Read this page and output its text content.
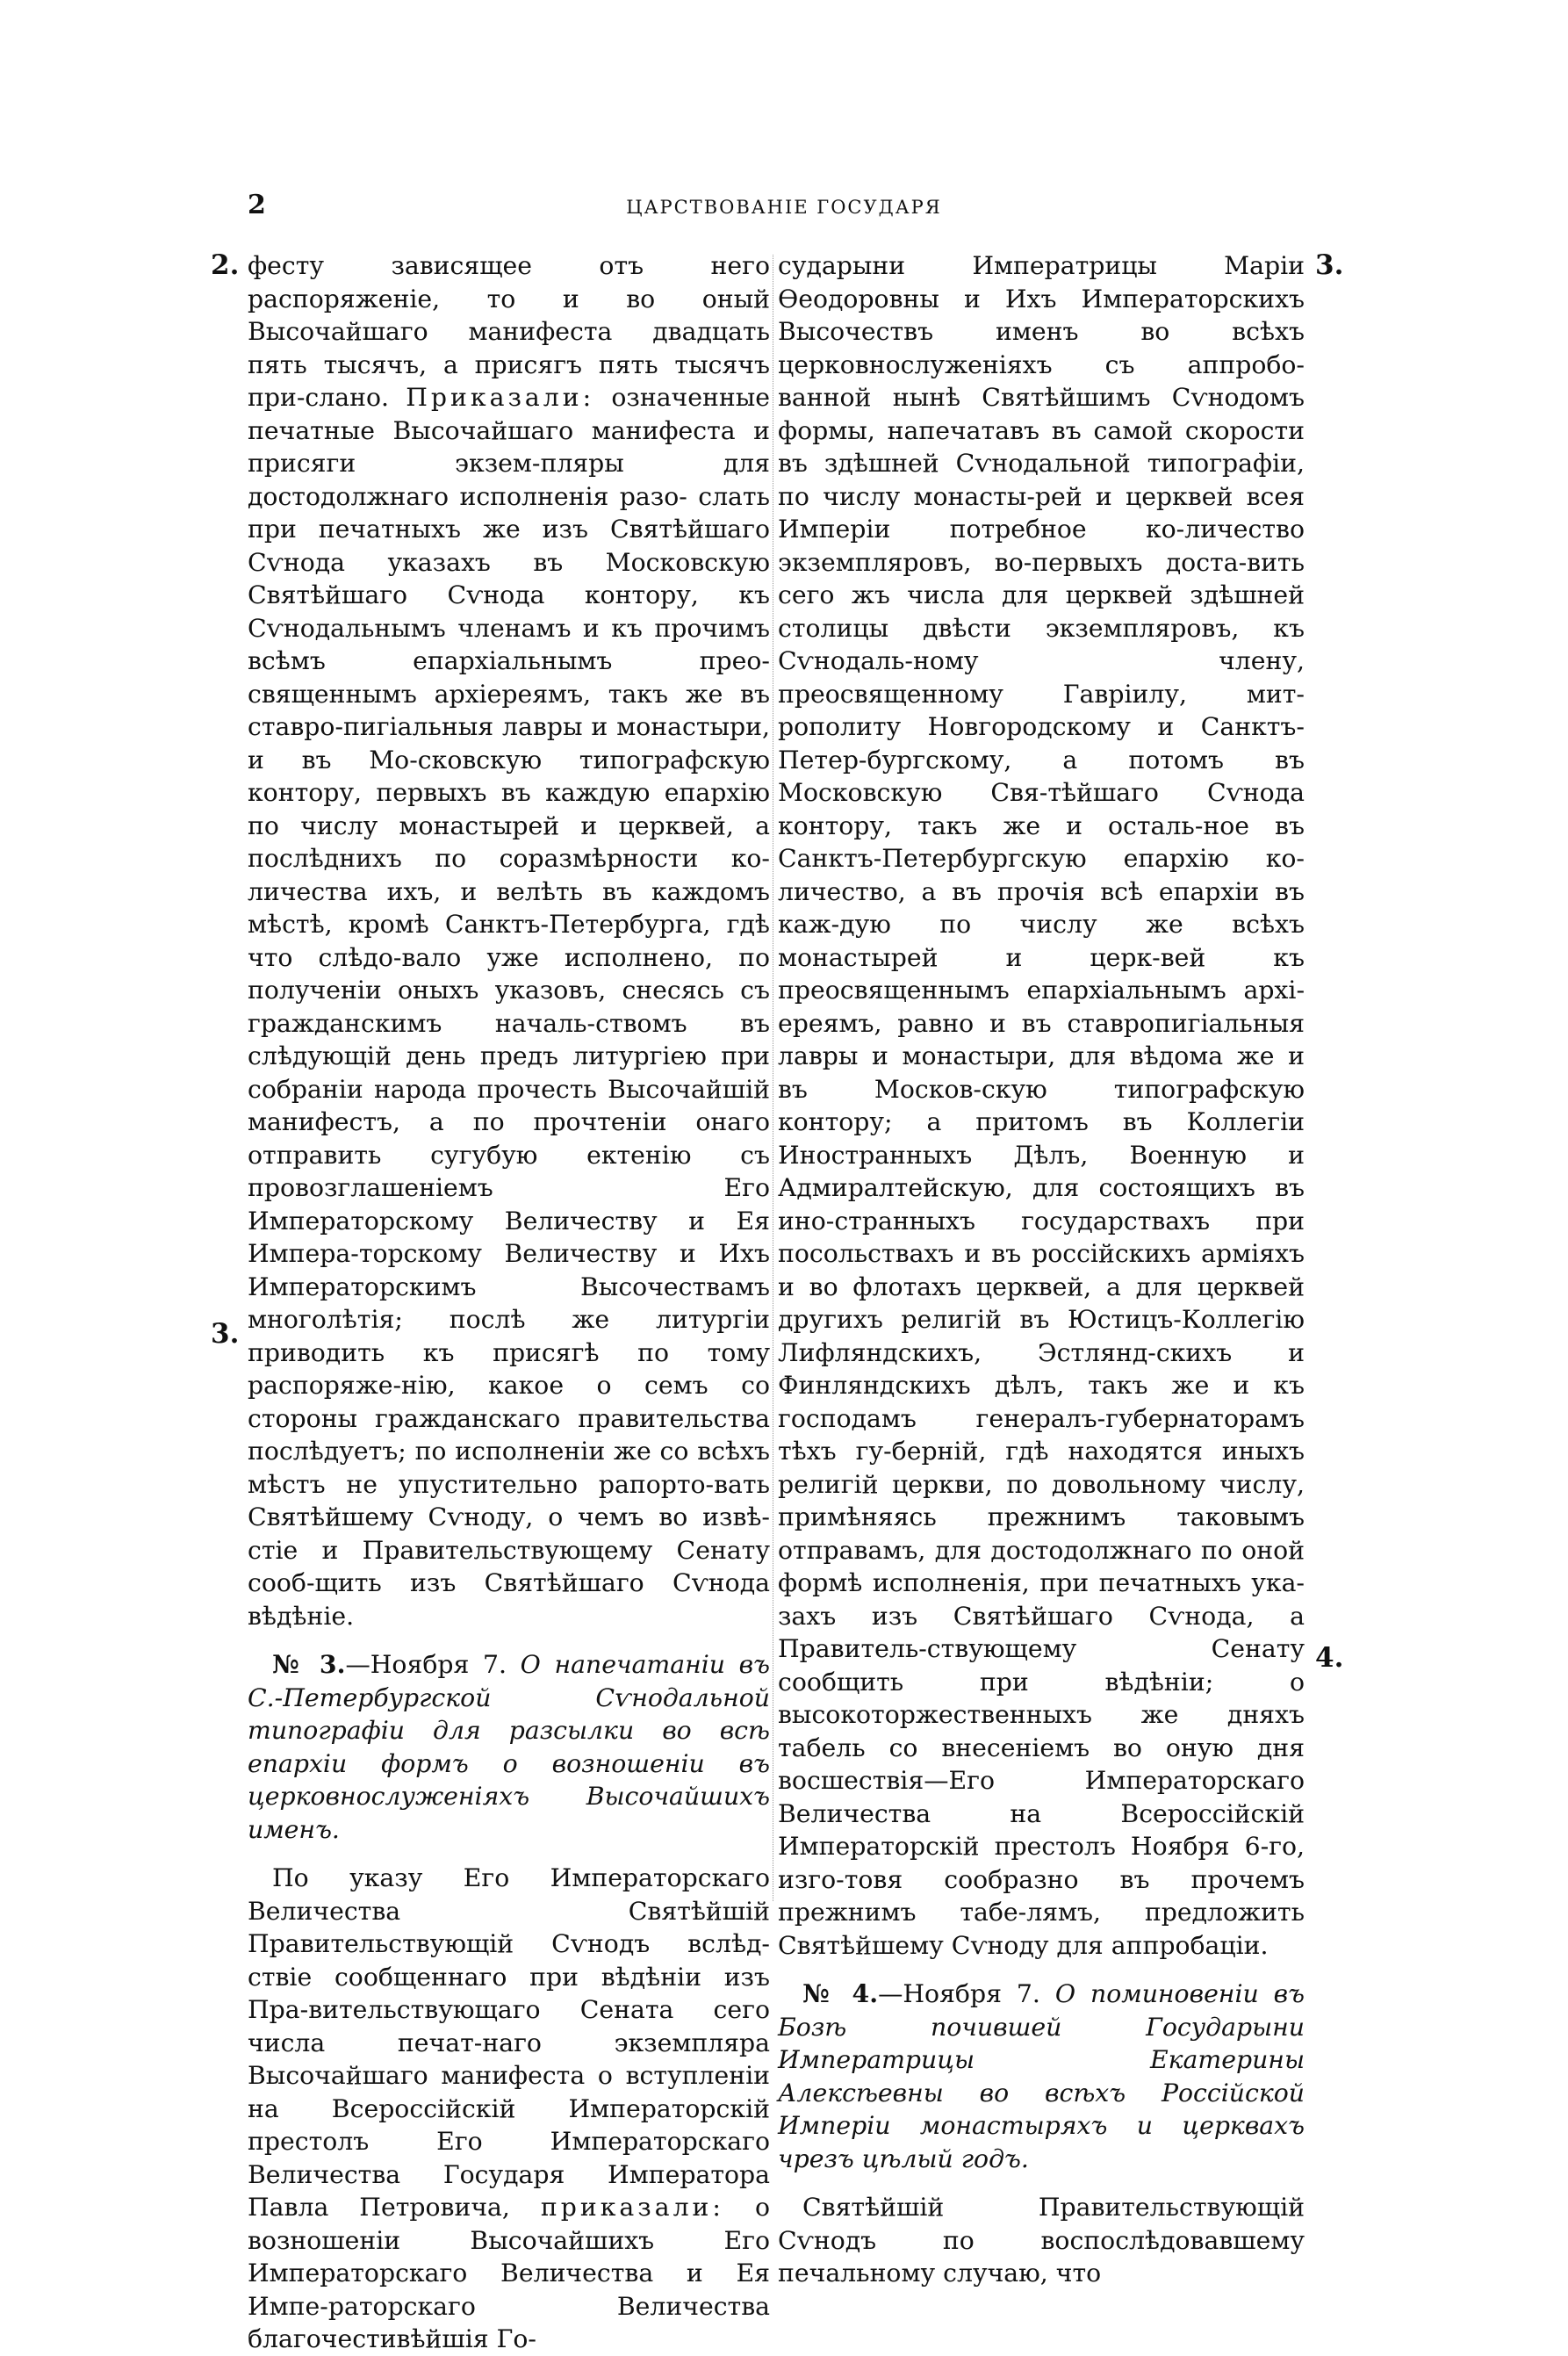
2	ЦАРСТВОВАНІЕ ГОСУДАРЯ
2.
3.
3.
4.

фесту зависящее отъ него распоряженіе, то и во оный Высочайшаго манифеста двадцать пять тысячъ, а присягъ пять тысячъ при-слано. Приказали: означенные печатные Высочайшаго манифеста и присяги экзем-пляры для достодолжнаго исполненія разо- слать при печатныхъ же изъ Святѣйшаго Сѵнода указахъ въ Московскую Святѣйшаго Сѵнода контору, къ Сѵнодальнымъ членамъ и къ прочимъ всѣмъ епархіальнымъ прео-священнымъ архіереямъ, такъ же въ ставро-пигіальныя лавры и монастыри, и въ Мо-сковскую типографскую контору, первыхъ въ каждую епархію по числу монастырей и церквей, а послѣднихъ по соразмѣрности ко-личества ихъ, и велѣть въ каждомъ мѣстѣ, кромѣ Санктъ-Петербурга, гдѣ что слѣдо-вало уже исполнено, по полученіи оныхъ указовъ, снесясь съ гражданскимъ началь-ствомъ въ слѣдующій день предъ литургіею при собраніи народа прочесть Высочайшій манифестъ, а по прочтеніи онаго отправить сугубую ектенію съ провозглашеніемъ Его Императорскому Величеству и Ея Импера-торскому Величеству и Ихъ Императорскимъ	Высочествамъ многолѣтія; послѣ же литургіи приводить къ присягѣ по тому распоряже-нію, какое о семъ со стороны гражданскаго правительства послѣдуетъ; по исполненіи же со всѣхъ мѣстъ не упустительно рапорто-вать Святѣйшему Сѵноду, о чемъ во извѣ-стіе и Правительствующему Сенату сооб-щить изъ Святѣйшаго Сѵнода вѣдѣніе.

№ 3.—Ноября 7. О напечатаніи въ С.-Петербургской Сѵнодальной типографіи для разсылки во всѣ епархіи формъ о возношеніи въ церковнослуженіяхъ Высочайшихъ именъ.

По указу Его Императорскаго Величества	Святѣйшій Правительствующій Сѵнодъ вслѣд-ствіе сообщеннаго при вѣдѣніи изъ Пра-вительствующаго Сената сего числа печат-наго экземпляра Высочайшаго манифеста о вступленіи на Всероссійскій Императорскій престолъ Его Императорскаго Величества Государя Императора Павла Петровича, приказали: о возношеніи Высочайшихъ	Его Императорскаго Величества и Ея Импе-раторскаго Величества благочестивѣйшія Го-

сударыни Императрицы Маріи Ѳеодоровны и Ихъ Императорскихъ Высочествъ именъ	во всѣхъ церковнослуженіяхъ съ аппробо-ванной нынѣ Святѣйшимъ Сѵнодомъ формы, напечатавъ въ самой скорости въ здѣшней Сѵнодальной типографіи, по числу монасты-рей и церквей всея Имперіи потребное ко-личество экземпляровъ, во-первыхъ доста-вить сего жъ числа для церквей здѣшней столицы двѣсти экземпляровъ, къ Сѵнодаль-ному члену, преосвященному Гавріилу, мит-рополиту Новгородскому и Санктъ-Петер-бургскому, а потомъ въ Московскую Свя-тѣйшаго Сѵнода контору, такъ же и осталь-ное въ Санктъ-Петербургскую епархію ко-личество, а въ прочія всѣ епархіи въ каж-дую по числу же всѣхъ монастырей и церк-вей къ преосвященнымъ епархіальнымъ архі-ереямъ, равно и въ ставропигіальныя лавры и монастыри, для вѣдома же и въ Москов-скую типографскую контору; а притомъ въ Коллегіи Иностранныхъ Дѣлъ, Военную и Адмиралтейскую, для состоящихъ въ ино-странныхъ государствахъ при посольствахъ и въ россійскихъ арміяхъ и во флотахъ церквей, а для церквей другихъ религій въ Юстицъ-Коллегію Лифляндскихъ, Эстлянд-скихъ и Финляндскихъ дѣлъ, такъ же и къ господамъ генералъ-губернаторамъ тѣхъ гу-берній, гдѣ находятся иныхъ религій церкви, по довольному числу, примѣняясь прежнимъ таковымъ отправамъ, для достодолжнаго по оной формѣ исполненія, при печатныхъ ука-захъ изъ Святѣйшаго Сѵнода, а Правитель-ствующему Сенату сообщить при вѣдѣніи;	о высокоторжественныхъ же дняхъ табель со внесеніемъ во оную дня восшествія—Его	Императорскаго Величества на Всероссійскій Императорскій престолъ Ноября 6-го, изго-товя сообразно въ прочемъ прежнимъ табе-лямъ, предложить Святѣйшему Сѵноду для аппробаціи.

№ 4.—Ноября 7. О поминовеніи въ Бозѣ почившей Государыни Императрицы Екатерины Алексѣевны во всѣхъ Россійской Имперіи монастыряхъ и церквахъ чрезъ цѣлый годъ.

Святѣйшій Правительствующій Сѵнодъ по	воспослѣдовавшему печальному случаю, что
